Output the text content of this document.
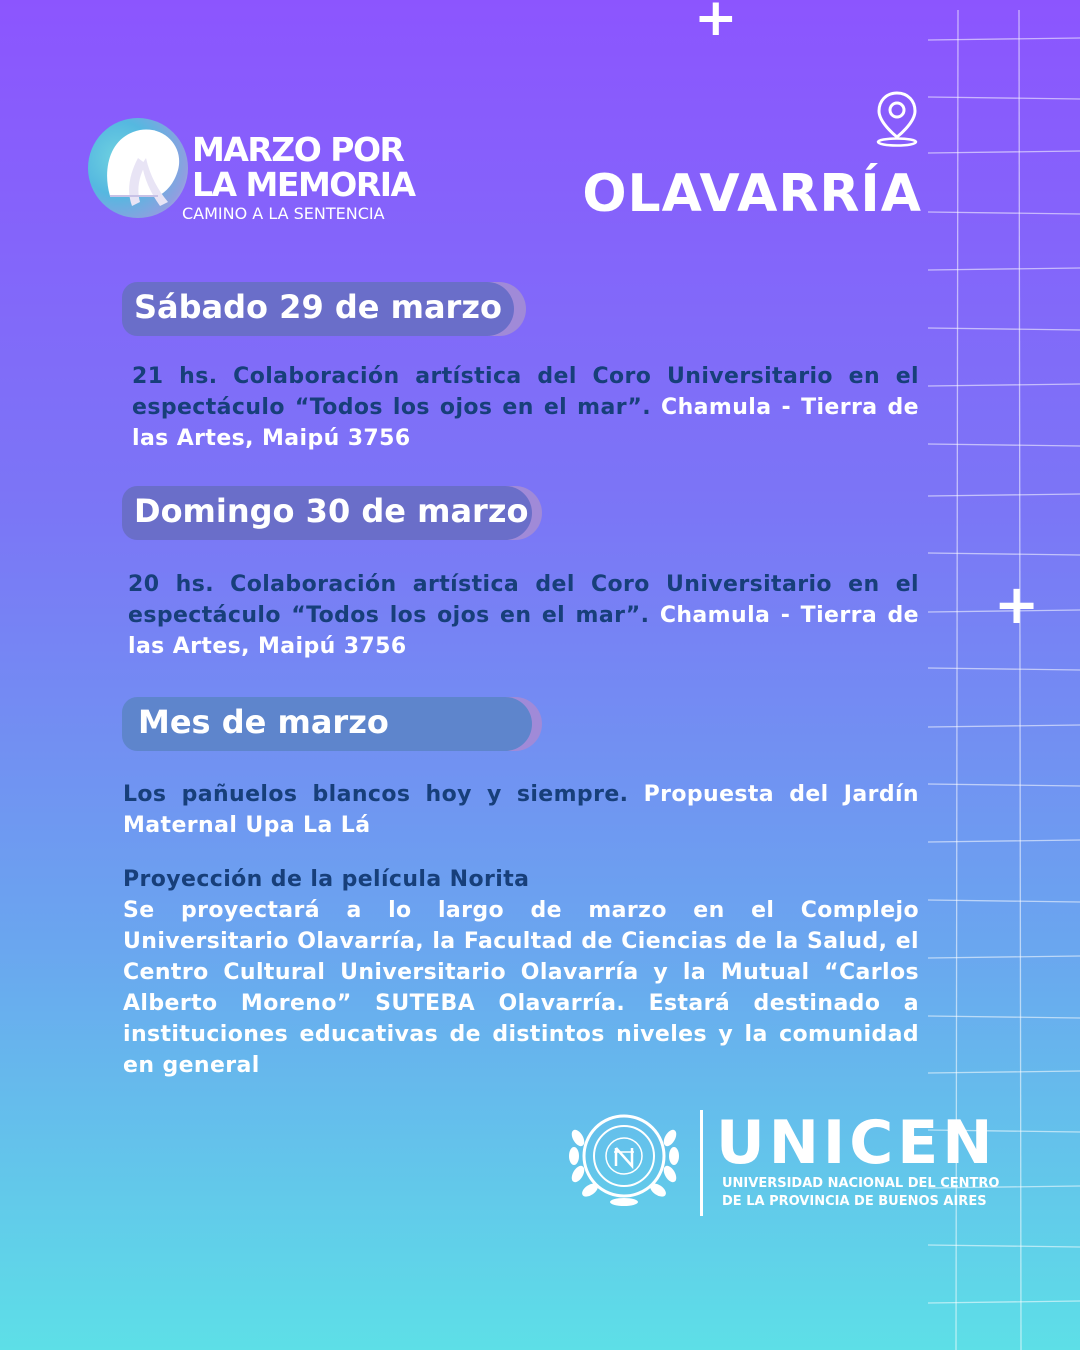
+
+
MARZO POR
LA MEMORIA
CAMINO A LA SENTENCIA	OLAVARRÍA
Sábado 29 de marzo
21 hs. Colaboración artística del Coro Universitario en el espectáculo “Todos los ojos en el mar”. Chamula - Tierra de las Artes, Maipú 3756
Domingo 30 de marzo
20 hs. Colaboración artística del Coro Universitario en el espectáculo “Todos los ojos en el mar”. Chamula - Tierra de las Artes, Maipú 3756
Mes de marzo
Los pañuelos blancos hoy y siempre. Propuesta del Jardín Maternal Upa La Lá
Proyección de la película Norita
Se proyectará a lo largo de marzo en el Complejo Universitario Olavarría, la Facultad de Ciencias de la Salud, el Centro Cultural Universitario Olavarría y la Mutual “Carlos Alberto Moreno” SUTEBA Olavarría. Estará destinado a instituciones educativas de distintos niveles y la comunidad en general
UNICEN
UNIVERSIDAD NACIONAL DEL CENTRO
DE LA PROVINCIA DE BUENOS AIRES
